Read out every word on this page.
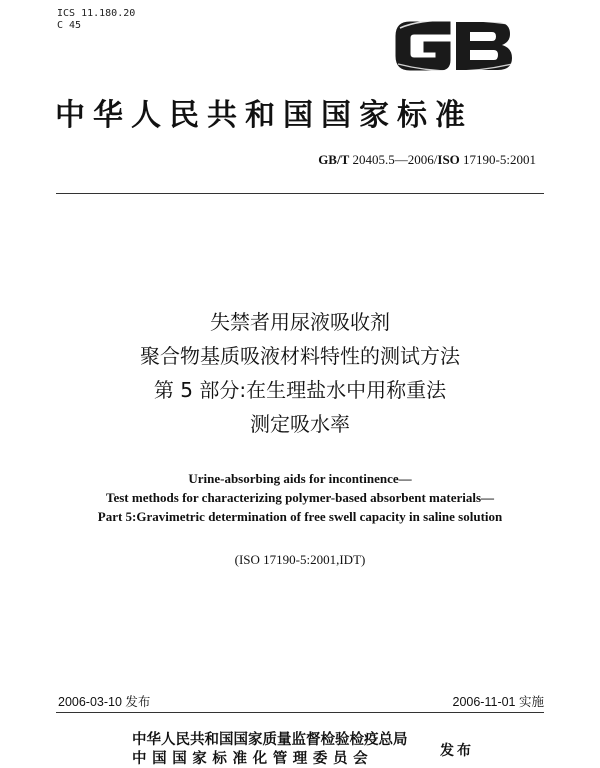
ICS 11.180.20
C 45
中华人民共和国国家标准
GB/T 20405.5—2006/ISO 17190-5:2001
失禁者用尿液吸收剂
聚合物基质吸液材料特性的测试方法
第 5 部分:在生理盐水中用称重法
测定吸水率
Urine-absorbing aids for incontinence—
Test methods for characterizing polymer-based absorbent materials—
Part 5:Gravimetric determination of free swell capacity in saline solution
(ISO 17190-5:2001,IDT)
2006-03-10 发布	2006-11-01 实施
中华人民共和国国家质量监督检验检疫总局
中国国家标准化管理委员会	发布
